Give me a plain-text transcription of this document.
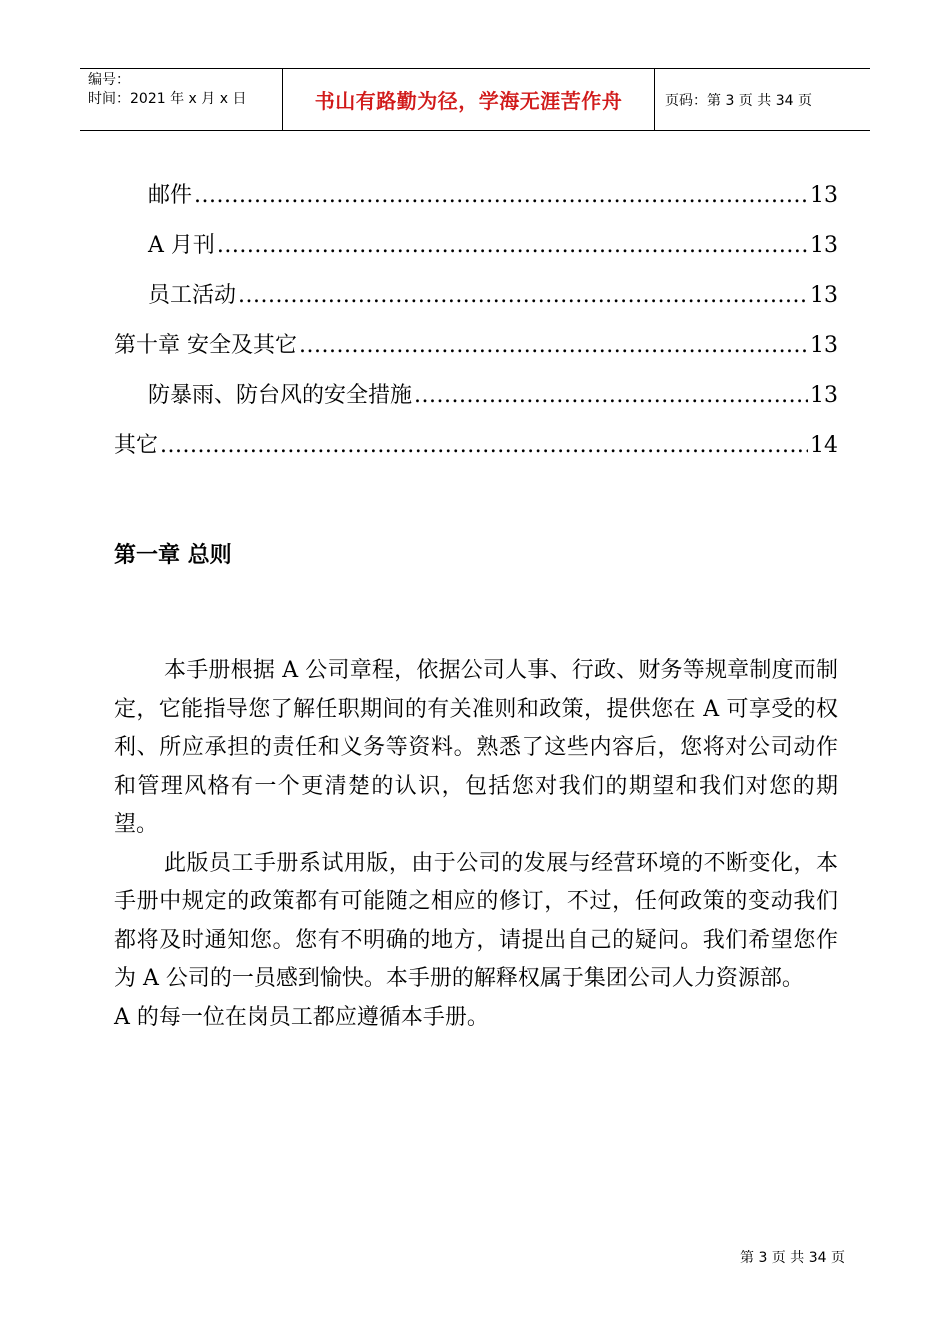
编号：
时间：2021 年 x 月 x 日	书山有路勤为径，学海无涯苦作舟	页码：第 3 页 共 34 页
邮件 .....	13
A 月刊 .....	13
员工活动 .....	13
第十章 安全及其它 .....	13
防暴雨、防台风的安全措施 .....	13
其它 .....	14
第一章 总则

本手册根据 A 公司章程，依据公司人事、行政、财务等规章制度而制定，它能指导您了解任职期间的有关准则和政策，提供您在 A 可享受的权利、所应承担的责任和义务等资料。熟悉了这些内容后，您将对公司动作和管理风格有一个更清楚的认识，包括您对我们的期望和我们对您的期望。

此版员工手册系试用版，由于公司的发展与经营环境的不断变化，本手册中规定的政策都有可能随之相应的修订，不过，任何政策的变动我们都将及时通知您。您有不明确的地方，请提出自己的疑问。我们希望您作为 A 公司的一员感到愉快。本手册的解释权属于集团公司人力资源部。

A 的每一位在岗员工都应遵循本手册。

第 3 页 共 34 页
